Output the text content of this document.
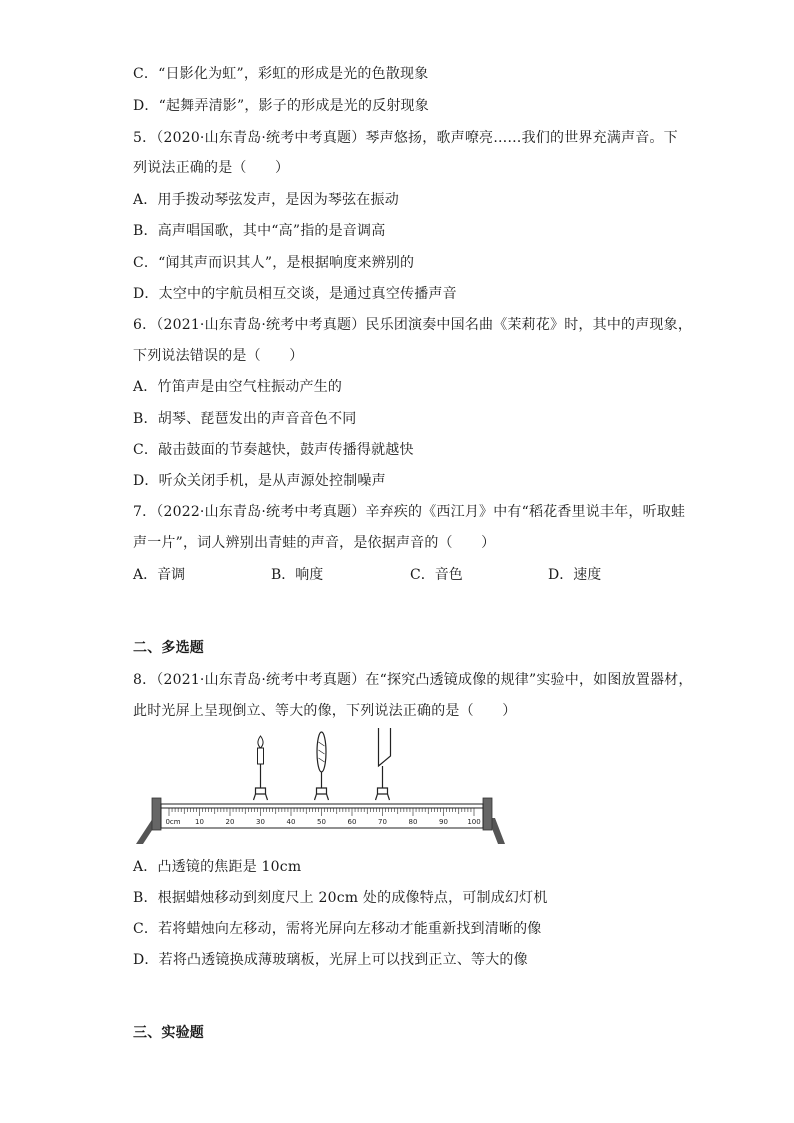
C．“日影化为虹”，彩虹的形成是光的色散现象
D．“起舞弄清影”，影子的形成是光的反射现象
5．（2020·山东青岛·统考中考真题）琴声悠扬，歌声嘹亮……我们的世界充满声音。下
列说法正确的是（　　）
A．用手拨动琴弦发声，是因为琴弦在振动
B．高声唱国歌，其中“高”指的是音调高
C．“闻其声而识其人”，是根据响度来辨别的
D．太空中的宇航员相互交谈，是通过真空传播声音
6．（2021·山东青岛·统考中考真题）民乐团演奏中国名曲《茉莉花》时，其中的声现象，
下列说法错误的是（　　）
A．竹笛声是由空气柱振动产生的
B．胡琴、琵琶发出的声音音色不同
C．敲击鼓面的节奏越快，鼓声传播得就越快
D．听众关闭手机，是从声源处控制噪声
7．（2022·山东青岛·统考中考真题）辛弃疾的《西江月》中有“稻花香里说丰年，听取蛙
声一片”，词人辨别出青蛙的声音，是依据声音的（　　）
A．音调	B．响度	C．音色	D．速度
二、多选题
8．（2021·山东青岛·统考中考真题）在“探究凸透镜成像的规律”实验中，如图放置器材，
此时光屏上呈现倒立、等大的像，下列说法正确的是（　　）
0cm 10	20	30	40	50	60	70	80	90	100
A．凸透镜的焦距是 10cm
B．根据蜡烛移动到刻度尺上 20cm 处的成像特点，可制成幻灯机
C．若将蜡烛向左移动，需将光屏向左移动才能重新找到清晰的像
D．若将凸透镜换成薄玻璃板，光屏上可以找到正立、等大的像
三、实验题
